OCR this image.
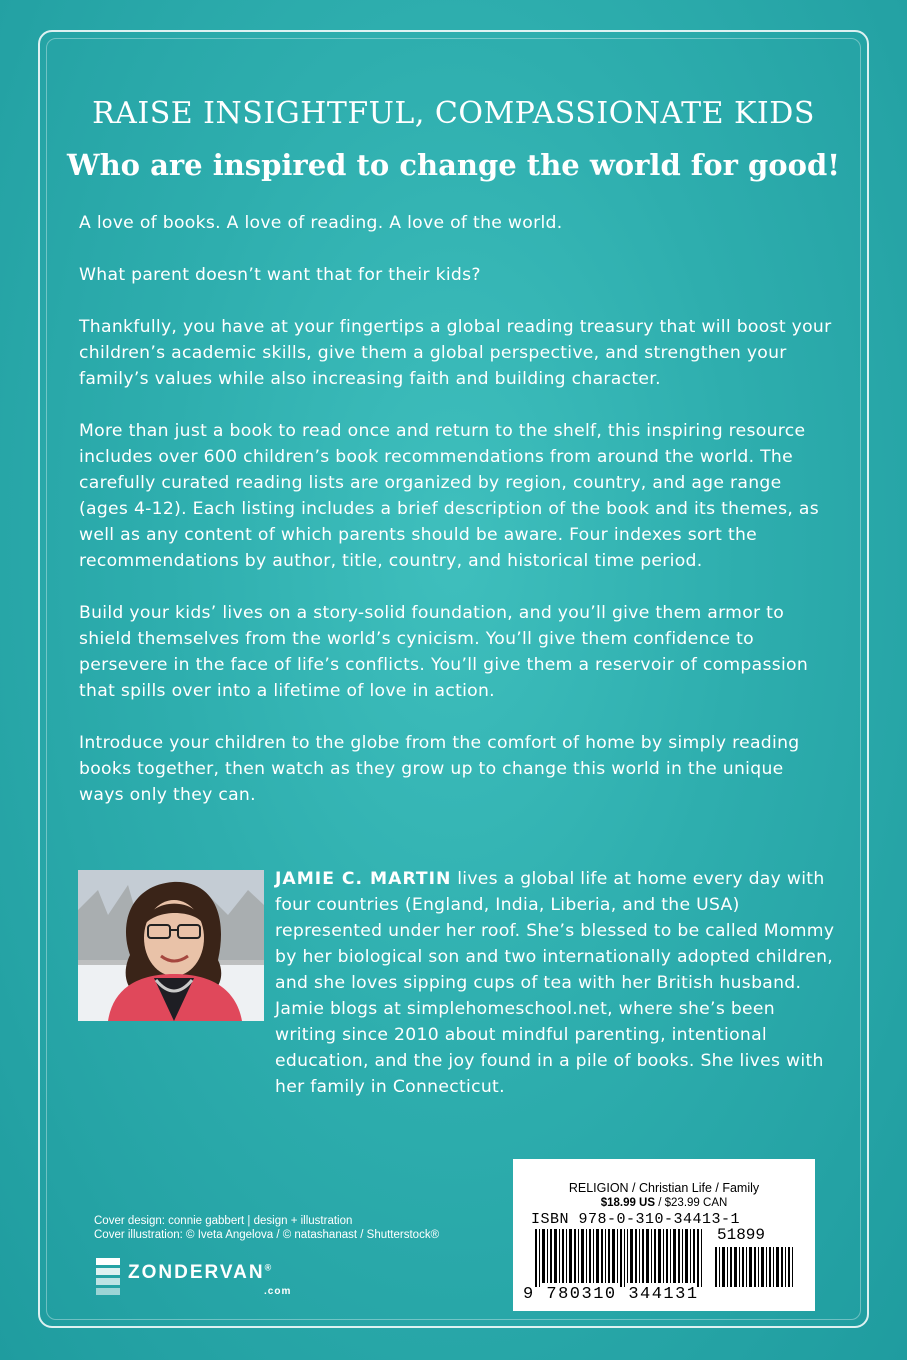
RAISE INSIGHTFUL, COMPASSIONATE KIDS
Who are inspired to change the world for good!

A love of books. A love of reading. A love of the world.

What parent doesn’t want that for their kids?

Thankfully, you have at your fingertips a global reading treasury that will boost your children’s academic skills, give them a global perspective, and strengthen your family’s values while also increasing faith and building character.

More than just a book to read once and return to the shelf, this inspiring resource includes over 600 children’s book recommendations from around the world. The carefully curated reading lists are organized by region, country, and age range (ages 4-12). Each listing includes a brief description of the book and its themes, as well as any content of which parents should be aware. Four indexes sort the recommendations by author, title, country, and historical time period.

Build your kids’ lives on a story-solid foundation, and you’ll give them armor to shield themselves from the world’s cynicism. You’ll give them confidence to persevere in the face of life’s conflicts. You’ll give them a reservoir of compassion that spills over into a lifetime of love in action.

Introduce your children to the globe from the comfort of home by simply reading books together, then watch as they grow up to change this world in the unique ways only they can.

JAMIE C. MARTIN lives a global life at home every day with four countries (England, India, Liberia, and the USA) represented under her roof. She’s blessed to be called Mommy by her biological son and two internationally adopted children, and she loves sipping cups of tea with her British husband. Jamie blogs at simplehomeschool.net, where she’s been writing since 2010 about mindful parenting, intentional education, and the joy found in a pile of books. She lives with her family in Connecticut.
Cover design: connie gabbert | design + illustration
Cover illustration: © Iveta Angelova / © natashanast / Shutterstock®
ZONDERVAN®
.com
RELIGION / Christian Life / Family
$18.99 US / $23.99 CAN
ISBN 978-0-310-34413-1
51899
9 780310 344131
